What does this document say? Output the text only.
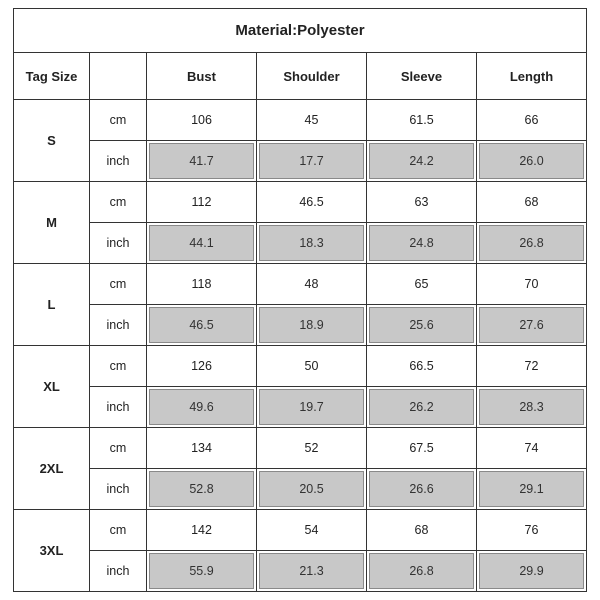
Material:Polyester					
Tag Size		Bust	Shoulder	Sleeve	Length
S	cm	106	45	61.5	66
	inch	41.7	17.7	24.2	26.0
M	cm	112	46.5	63	68
	inch	44.1	18.3	24.8	26.8
L	cm	118	48	65	70
	inch	46.5	18.9	25.6	27.6
XL	cm	126	50	66.5	72
	inch	49.6	19.7	26.2	28.3
2XL	cm	134	52	67.5	74
	inch	52.8	20.5	26.6	29.1
3XL	cm	142	54	68	76
	inch	55.9	21.3	26.8	29.9
